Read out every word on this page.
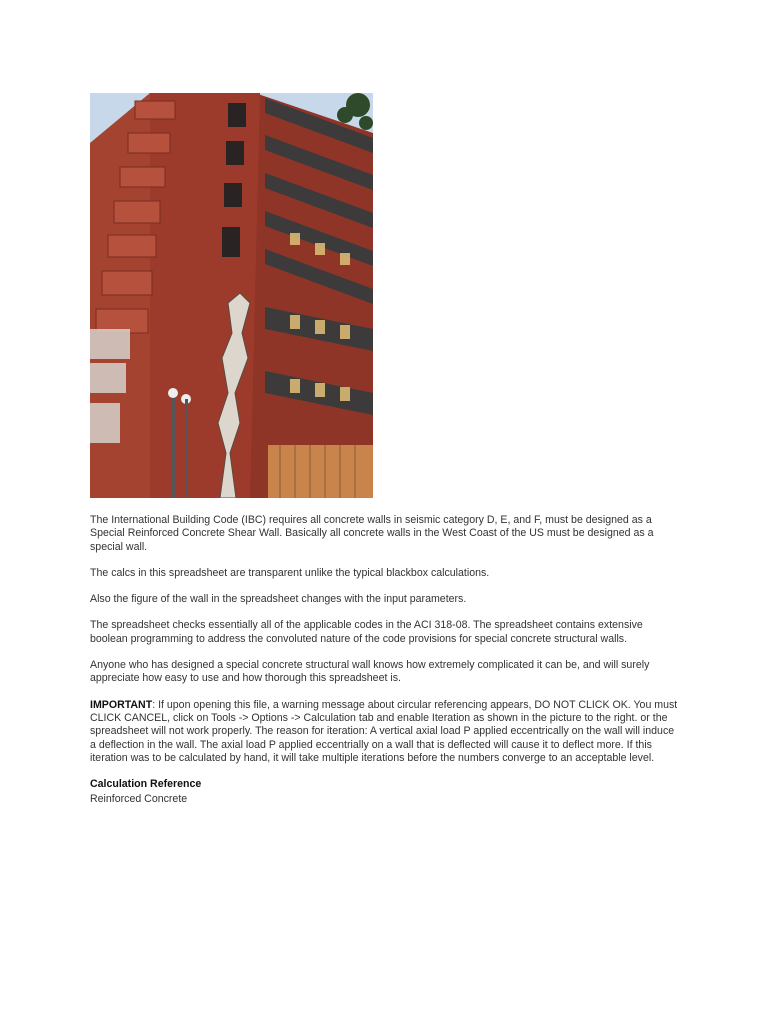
The International Building Code (IBC) requires all concrete walls in seismic category D, E, and F, must be designed as a Special Reinforced Concrete Shear Wall. Basically all concrete walls in the West Coast of the US must be designed as a special wall.

The calcs in this spreadsheet are transparent unlike the typical blackbox calculations.

Also the figure of the wall in the spreadsheet changes with the input parameters.

The spreadsheet checks essentially all of the applicable codes in the ACI 318-08. The spreadsheet contains extensive boolean programming to address the convoluted nature of the code provisions for special concrete structural walls.

Anyone who has designed a special concrete structural wall knows how extremely complicated it can be, and will surely appreciate how easy to use and how thorough this spreadsheet is.

IMPORTANT: If upon opening this file, a warning message about circular referencing appears, DO NOT CLICK OK. You must CLICK CANCEL, click on Tools -> Options -> Calculation tab and enable Iteration as shown in the picture to the right. or the spreadsheet will not work properly. The reason for iteration: A vertical axial load P applied eccentrically on the wall will induce a deflection in the wall. The axial load P applied eccentrially on a wall that is deflected will cause it to deflect more. If this iteration was to be calculated by hand, it will take multiple iterations before the numbers converge to an acceptable level.

Calculation Reference
Reinforced Concrete
